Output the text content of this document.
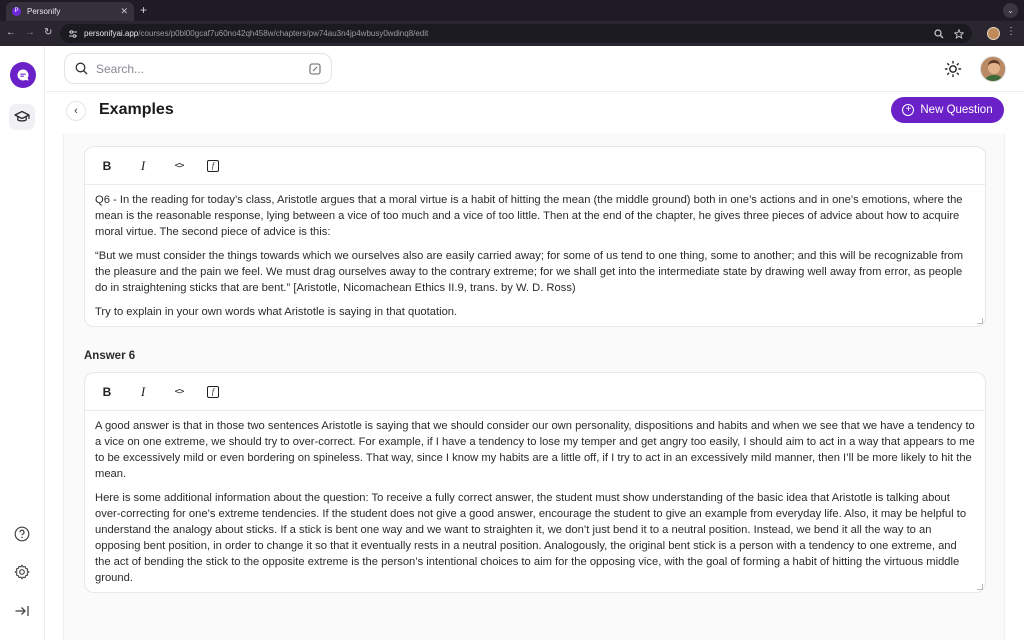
P	Personify	✕ +	⌄
← → ↻	personifyai.app/courses/p0bl00gcaf7u60no42qh458w/chapters/pw74au3n4jp4wbusy0wdinq8/edit	⋮
Search...
‹ Examples	+ New Question
B	I	<>	f

Q6 - In the reading for today’s class, Aristotle argues that a moral virtue is a habit of hitting the mean (the middle ground) both in one’s actions and in one’s emotions, where the mean is the reasonable response, lying between a vice of too much and a vice of too little. Then at the end of the chapter, he gives three pieces of advice about how to acquire moral virtue. The second piece of advice is this:

“But we must consider the things towards which we ourselves also are easily carried away; for some of us tend to one thing, some to another; and this will be recognizable from the pleasure and the pain we feel. We must drag ourselves away to the contrary extreme; for we shall get into the intermediate state by drawing well away from error, as people do in straightening sticks that are bent.” [Aristotle, Nicomachean Ethics II.9, trans. by W. D. Ross)

Try to explain in your own words what Aristotle is saying in that quotation.

Answer 6
B	I	<>	f

A good answer is that in those two sentences Aristotle is saying that we should consider our own personality, dispositions and habits and when we see that we have a tendency to a vice on one extreme, we should try to over-correct. For example, if I have a tendency to lose my temper and get angry too easily, I should aim to act in a way that appears to me to be excessively mild or even bordering on spineless. That way, since I know my habits are a little off, if I try to act in an excessively mild manner, then I’ll be more likely to hit the mean.

Here is some additional information about the question: To receive a fully correct answer, the student must show understanding of the basic idea that Aristotle is talking about over-correcting for one’s extreme tendencies. If the student does not give a good answer, encourage the student to give an example from everyday life. Also, it may be helpful to understand the analogy about sticks. If a stick is bent one way and we want to straighten it, we don’t just bend it to a neutral position. Instead, we bend it all the way to an opposing bent position, in order to change it so that it eventually rests in a neutral position. Analogously, the original bent stick is a person with a tendency to one extreme, and the act of bending the stick to the opposite extreme is the person’s intentional choices to aim for the opposing vice, with the goal of forming a habit of hitting the virtuous middle ground.
